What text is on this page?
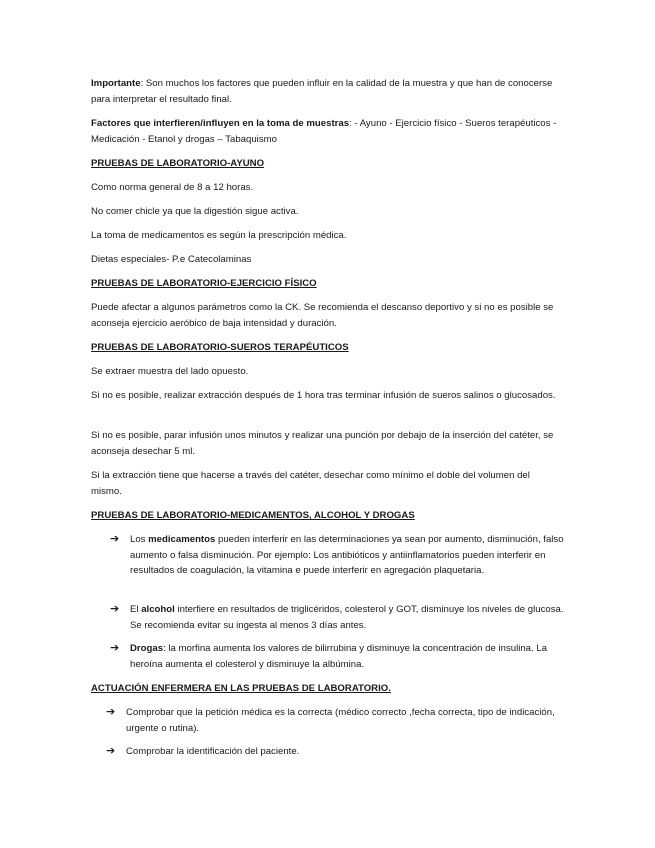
Importante: Son muchos los factores que pueden influir en la calidad de la muestra y que han de conocerse para interpretar el resultado final.

Factores que interfieren/influyen en la toma de muestras: - Ayuno - Ejercicio físico - Sueros terapéuticos - Medicación - Etanol y drogas – Tabaquismo

PRUEBAS DE LABORATORIO-AYUNO

Como norma general de 8 a 12 horas.

No comer chicle ya que la digestión sigue activa.

La toma de medicamentos es según la prescripción médica.

Dietas especiales- P.e Catecolaminas

PRUEBAS DE LABORATORIO-EJERCICIO FÍSICO

Puede afectar a algunos parámetros como la CK. Se recomienda el descanso deportivo y si no es posible se aconseja ejercicio aeróbico de baja intensidad y duración.

PRUEBAS DE LABORATORIO-SUEROS TERAPÉUTICOS

Se extraer muestra del lado opuesto.

Si no es posible, realizar extracción después de 1 hora tras terminar infusión de sueros salinos o glucosados.

Si no es posible, parar infusión unos minutos y realizar una punción por debajo de la inserción del catéter, se aconseja desechar 5 ml.

Si la extracción tiene que hacerse a través del catéter, desechar como mínimo el doble del volumen del mismo.

PRUEBAS DE LABORATORIO-MEDICAMENTOS, ALCOHOL Y DROGAS

➔ Los medicamentos pueden interferir en las determinaciones ya sean por aumento, disminución, falso aumento o falsa disminución. Por ejemplo: Los antibióticos y antiinflamatorios pueden interferir en resultados de coagulación, la vitamina e puede interferir en agregación plaquetaria.
➔ El alcohol interfiere en resultados de triglicéridos, colesterol y GOT, disminuye los niveles de glucosa. Se recomienda evitar su ingesta al menos 3 días antes.
➔ Drogas: la morfina aumenta los valores de bilirrubina y disminuye la concentración de insulina. La heroína aumenta el colesterol y disminuye la albúmina.

ACTUACIÓN ENFERMERA EN LAS PRUEBAS DE LABORATORIO.

➔ Comprobar que la petición médica es la correcta (médico correcto ,fecha correcta, tipo de indicación, urgente o rutina).
➔ Comprobar la identificación del paciente.
